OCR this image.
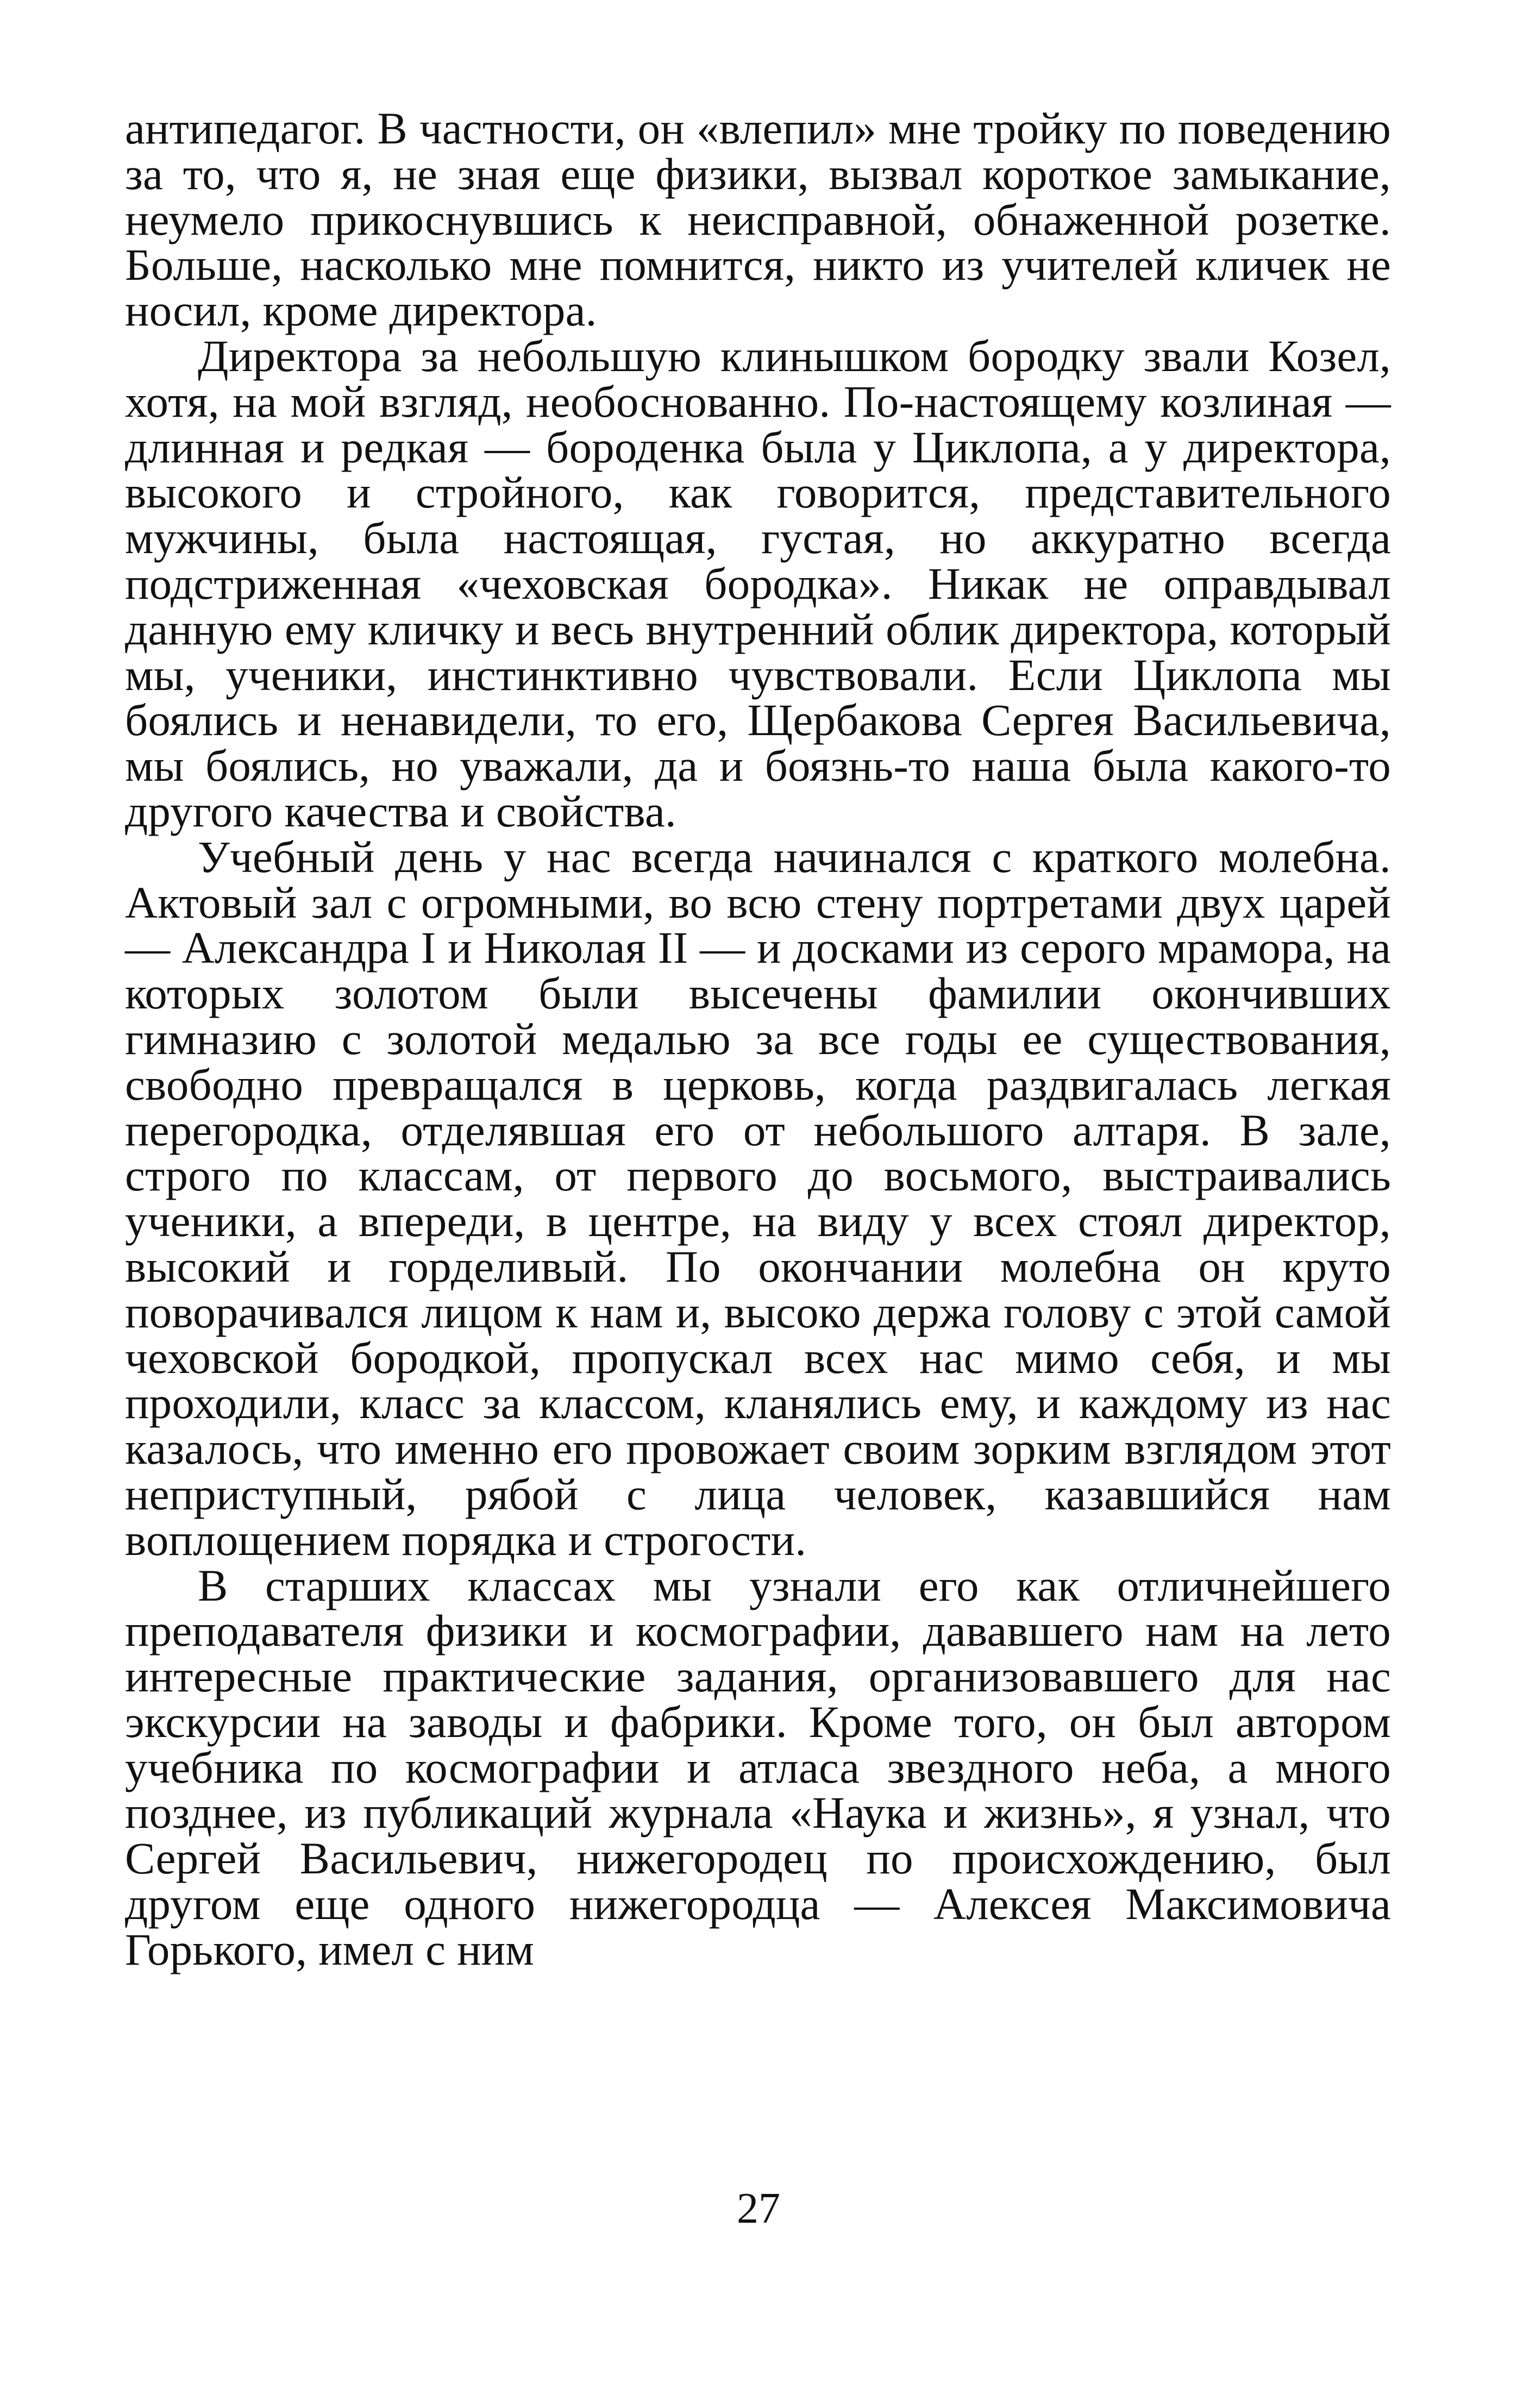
антипедагог. В частности, он «влепил» мне тройку по поведению за то, что я, не зная еще физики, вызвал короткое замыкание, неумело прикоснувшись к неисправной, обнаженной розетке. Больше, насколько мне помнится, никто из учителей кличек не носил, кроме директора.

Директора за небольшую клинышком бородку звали Козел, хотя, на мой взгляд, необоснованно. По-настоящему козлиная — длинная и редкая — бороденка была у Циклопа, а у директора, высокого и стройного, как говорится, представительного мужчины, была настоящая, густая, но аккуратно всегда подстриженная «чеховская бородка». Никак не оправдывал данную ему кличку и весь внутренний облик директора, который мы, ученики, инстинктивно чувствовали. Если Циклопа мы боялись и ненавидели, то его, Щербакова Сергея Васильевича, мы боялись, но уважали, да и боязнь-то наша была какого-то другого качества и свойства.

Учебный день у нас всегда начинался с краткого молебна. Актовый зал с огромными, во всю стену портретами двух царей — Александра I и Николая II — и досками из серого мрамора, на которых золотом были высечены фамилии окончивших гимназию с золотой медалью за все годы ее существования, свободно превращался в церковь, когда раздвигалась легкая перегородка, отделявшая его от небольшого алтаря. В зале, строго по классам, от первого до восьмого, выстраивались ученики, а впереди, в центре, на виду у всех стоял директор, высокий и горделивый. По окончании молебна он круто поворачивался лицом к нам и, высоко держа голову с этой самой чеховской бородкой, пропускал всех нас мимо себя, и мы проходили, класс за классом, кланялись ему, и каждому из нас казалось, что именно его провожает своим зорким взглядом этот неприступный, рябой с лица человек, казавшийся нам воплощением порядка и строгости.

В старших классах мы узнали его как отличнейшего преподавателя физики и космографии, дававшего нам на лето интересные практические задания, организовавшего для нас экскурсии на заводы и фабрики. Кроме того, он был автором учебника по космографии и атласа звездного неба, а много позднее, из публикаций журнала «Наука и жизнь», я узнал, что Сергей Васильевич, нижегородец по происхождению, был другом еще одного нижегородца — Алексея Максимовича Горького, имел с ним

27
